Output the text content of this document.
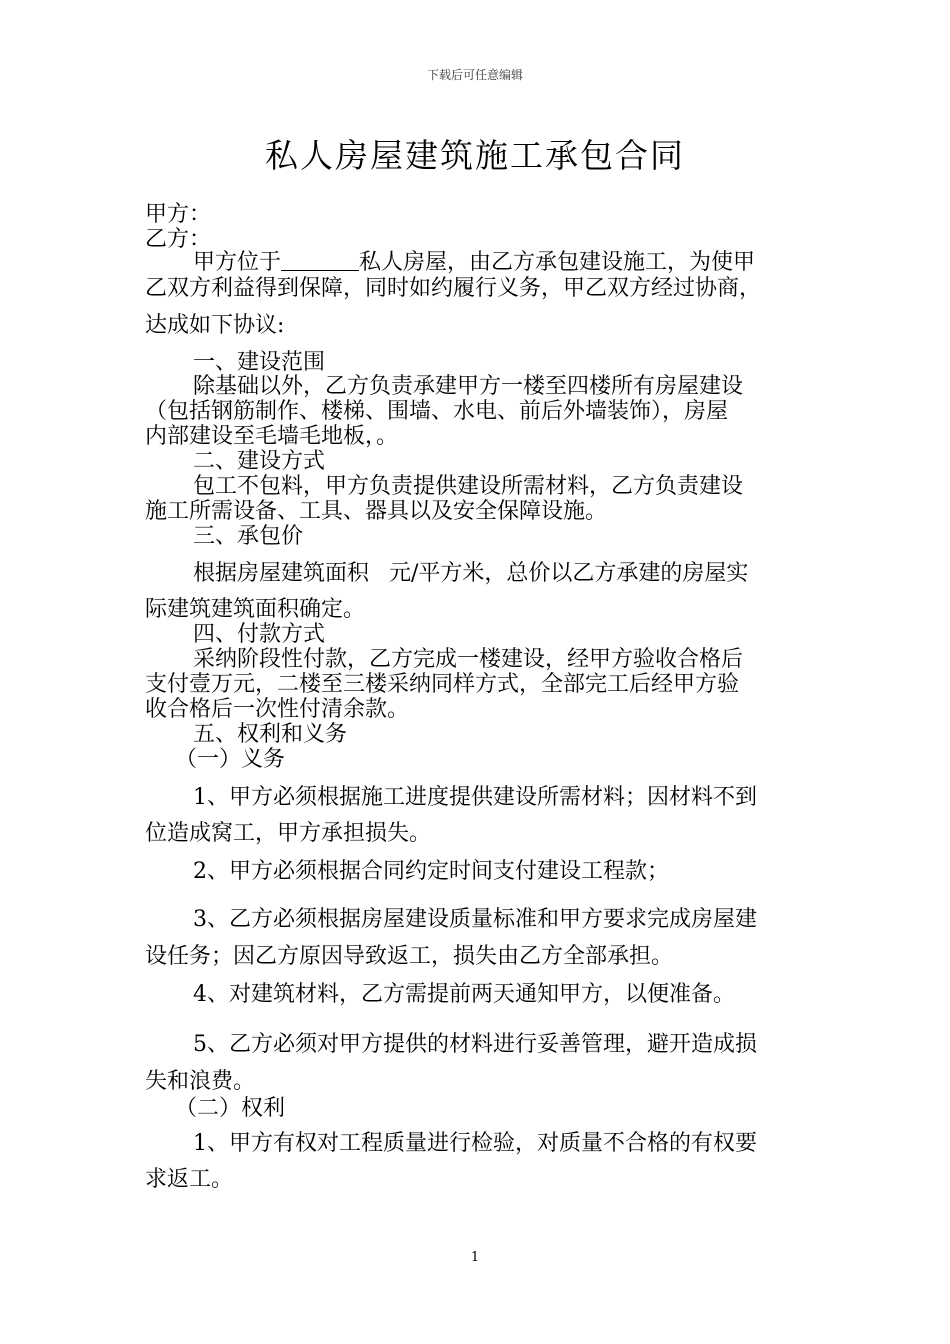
下载后可任意编辑
私人房屋建筑施工承包合同
甲方：
乙方：
甲方位于	私人房屋，由乙方承包建设施工，为使甲
乙双方利益得到保障，同时如约履行义务，甲乙双方经过协商，
达成如下协议:
一、建设范围
除基础以外，乙方负责承建甲方一楼至四楼所有房屋建设
（包括钢筋制作、楼梯、围墙、水电、前后外墙装饰），房屋
内部建设至毛墙毛地板，。
二、建设方式
包工不包料，甲方负责提供建设所需材料，乙方负责建设
施工所需设备、工具、器具以及安全保障设施。
三、承包价
根据房屋建筑面积 元/平方米，总价以乙方承建的房屋实
际建筑建筑面积确定。
四、付款方式
采纳阶段性付款，乙方完成一楼建设，经甲方验收合格后
支付壹万元，二楼至三楼采纳同样方式，全部完工后经甲方验
收合格后一次性付清余款。
五、权利和义务
（一）义务
1、甲方必须根据施工进度提供建设所需材料；因材料不到
位造成窝工，甲方承担损失。
2、甲方必须根据合同约定时间支付建设工程款；
3、乙方必须根据房屋建设质量标准和甲方要求完成房屋建
设任务；因乙方原因导致返工，损失由乙方全部承担。
4、对建筑材料，乙方需提前两天通知甲方，以便准备。
5、乙方必须对甲方提供的材料进行妥善管理，避开造成损
失和浪费。
（二）权利
1、甲方有权对工程质量进行检验，对质量不合格的有权要
求返工。
1
